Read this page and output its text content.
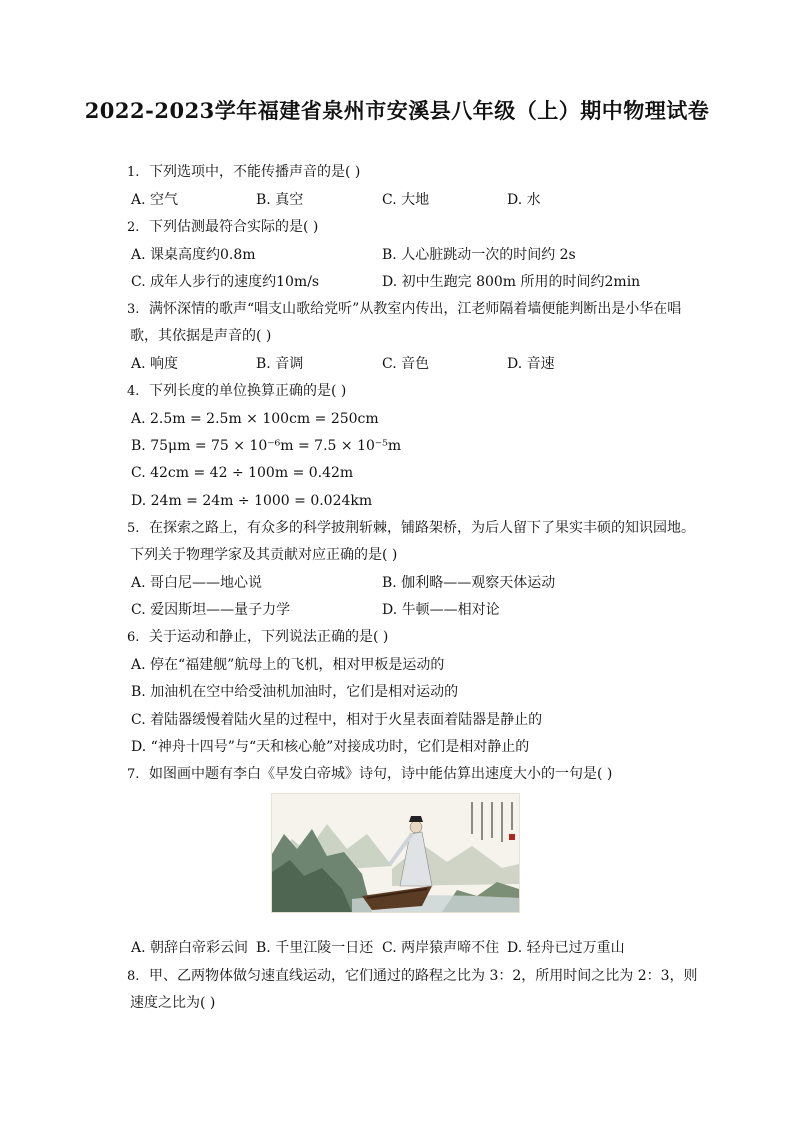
2022-2023学年福建省泉州市安溪县八年级（上）期中物理试卷
1. 下列选项中，不能传播声音的是( )
A. 空气	B. 真空	C. 大地	D. 水
2. 下列估测最符合实际的是( )
A. 课桌高度约0.8m	B. 人心脏跳动一次的时间约 2s
C. 成年人步行的速度约10m/s	D. 初中生跑完 800m 所用的时间约2min
3. 满怀深情的歌声“唱支山歌给党听”从教室内传出，江老师隔着墙便能判断出是小华在唱
歌，其依据是声音的( )
A. 响度	B. 音调	C. 音色	D. 音速
4. 下列长度的单位换算正确的是( )
A. 2.5m = 2.5m × 100cm = 250cm
B. 75μm = 75 × 10⁻⁶m = 7.5 × 10⁻⁵m
C. 42cm = 42 ÷ 100m = 0.42m
D. 24m = 24m ÷ 1000 = 0.024km
5. 在探索之路上，有众多的科学披荆斩棘，铺路架桥，为后人留下了果实丰硕的知识园地。
下列关于物理学家及其贡献对应正确的是( )
A. 哥白尼——地心说	B. 伽利略——观察天体运动
C. 爱因斯坦——量子力学	D. 牛顿——相对论
6. 关于运动和静止，下列说法正确的是( )
A. 停在“福建舰”航母上的飞机，相对甲板是运动的
B. 加油机在空中给受油机加油时，它们是相对运动的
C. 着陆器缓慢着陆火星的过程中，相对于火星表面着陆器是静止的
D. “神舟十四号”与“天和核心舱”对接成功时，它们是相对静止的
7. 如图画中题有李白《早发白帝城》诗句，诗中能估算出速度大小的一句是( )
A. 朝辞白帝彩云间 B. 千里江陵一日还 C. 两岸猿声啼不住 D. 轻舟已过万重山
8. 甲、乙两物体做匀速直线运动，它们通过的路程之比为 3：2，所用时间之比为 2：3，则
速度之比为( )
